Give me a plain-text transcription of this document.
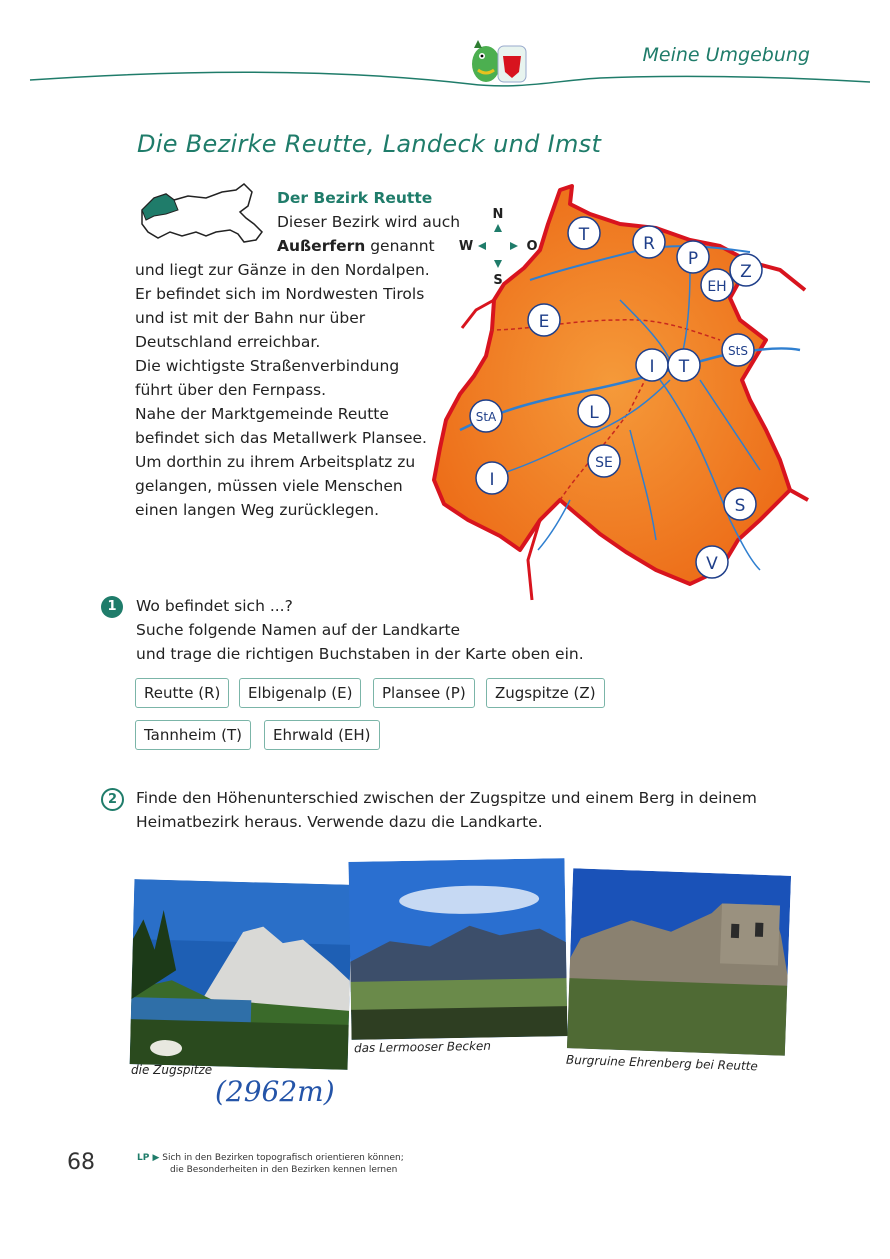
Meine Umgebung
Die Bezirke Reutte, Landeck und Imst
Der Bezirk Reutte
Dieser Bezirk wird auch
Außerfern genannt
und liegt zur Gänze in den Nordalpen.
Er befindet sich im Nordwesten Tirols
und ist mit der Bahn nur über
Deutschland erreichbar.
Die wichtigste Straßenverbindung
führt über den Fernpass.
Nahe der Marktgemeinde Reutte
befindet sich das Metallwerk Plansee.
Um dorthin zu ihrem Arbeitsplatz zu
gelangen, müssen viele Menschen
einen langen Weg zurücklegen.
N
S
W	O
T	R
P
EH
Z
E
I T
StS
StA	L
SE
I
S
V
1	Wo befindet sich ...?
Suche folgende Namen auf der Landkarte
und trage die richtigen Buchstaben in der Karte oben ein.
Reutte (R)	Elbigenalp (E)	Plansee (P)	Zugspitze (Z)
Tannheim (T)	Ehrwald (EH)
2	Finde den Höhenunterschied zwischen der Zugspitze und einem Berg in deinem
Heimatbezirk heraus. Verwende dazu die Landkarte.
die Zugspitze
das Lermooser Becken
Burgruine Ehrenberg bei Reutte
(2962m)
68	LP ▶ Sich in den Bezirken topografisch orientieren können;
die Besonderheiten in den Bezirken kennen lernen
